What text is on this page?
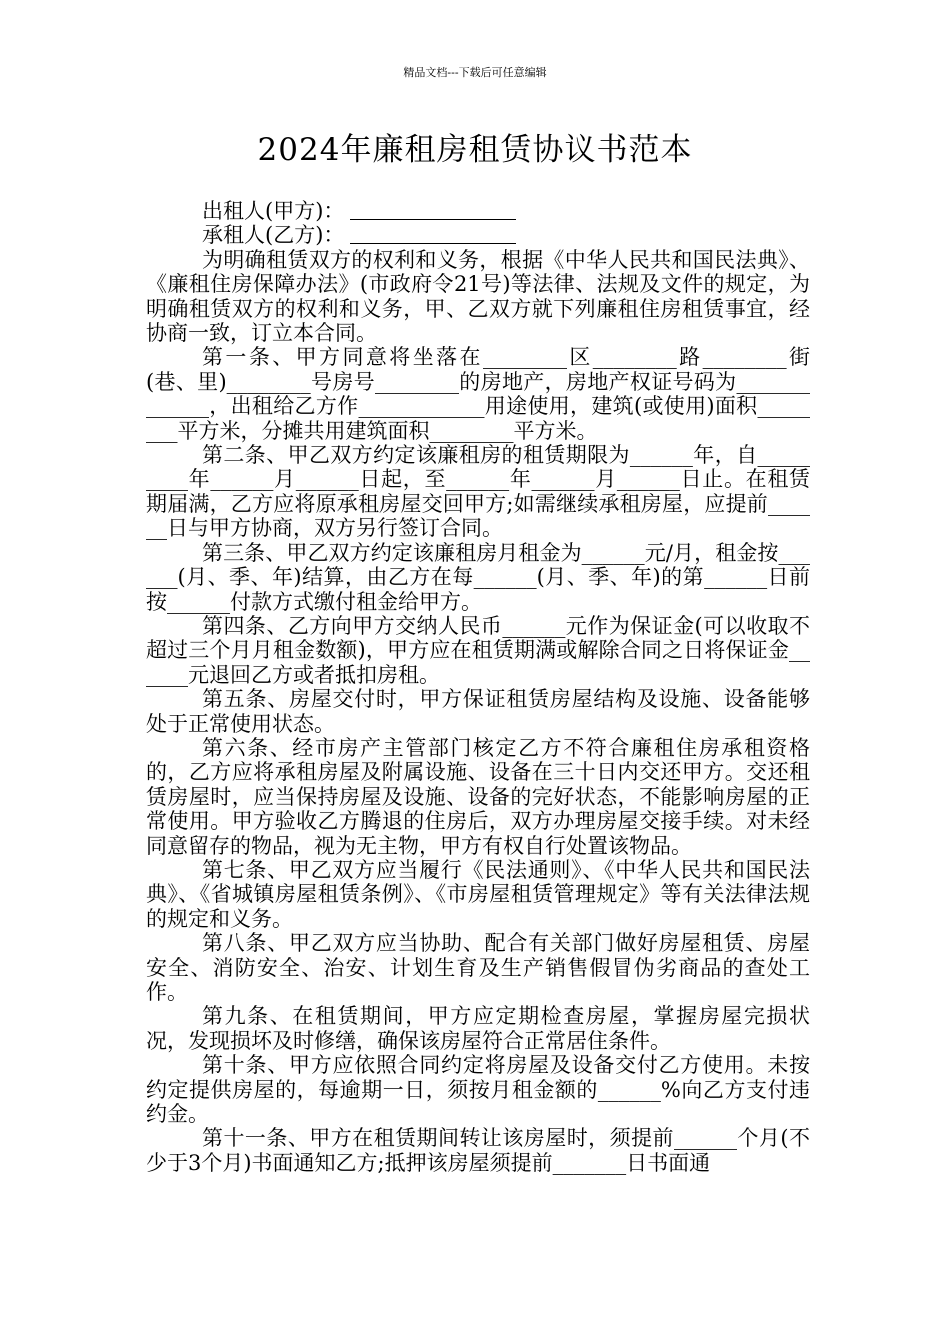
精品文档---下载后可任意编辑
2024年廉租房租赁协议书范本

出租人(甲方)：

承租人(乙方)：

为明确租赁双方的权利和义务，根据《中华人民共和国民法典》、《廉租住房保障办法》(市政府令21号)等法律、法规及文件的规定，为明确租赁双方的权利和义务，甲、乙双方就下列廉租住房租赁事宜，经协商一致，订立本合同。

第一条、甲方同意将坐落在________区________路________街(巷、里)________号房号________的房地产，房地产权证号码为_____________，出租给乙方作____________用途使用，建筑(或使用)面积________平方米，分摊共用建筑面积________平方米。

第二条、甲乙双方约定该廉租房的租赁期限为______年，自_________年______月______日起，至______年______月______日止。在租赁期届满，乙方应将原承租房屋交回甲方;如需继续承租房屋，应提前______日与甲方协商，双方另行签订合同。

第三条、甲乙双方约定该廉租房月租金为______元/月，租金按______(月、季、年)结算，由乙方在每______(月、季、年)的第______日前按______付款方式缴付租金给甲方。

第四条、乙方向甲方交纳人民币______元作为保证金(可以收取不超过三个月月租金数额)，甲方应在租赁期满或解除合同之日将保证金______元退回乙方或者抵扣房租。

第五条、房屋交付时，甲方保证租赁房屋结构及设施、设备能够处于正常使用状态。

第六条、经市房产主管部门核定乙方不符合廉租住房承租资格的，乙方应将承租房屋及附属设施、设备在三十日内交还甲方。交还租赁房屋时，应当保持房屋及设施、设备的完好状态，不能影响房屋的正常使用。甲方验收乙方腾退的住房后，双方办理房屋交接手续。对未经同意留存的物品，视为无主物，甲方有权自行处置该物品。

第七条、甲乙双方应当履行《民法通则》、《中华人民共和国民法典》、《省城镇房屋租赁条例》、《市房屋租赁管理规定》等有关法律法规的规定和义务。

第八条、甲乙双方应当协助、配合有关部门做好房屋租赁、房屋安全、消防安全、治安、计划生育及生产销售假冒伪劣商品的查处工作。

第九条、在租赁期间，甲方应定期检查房屋，掌握房屋完损状况，发现损坏及时修缮，确保该房屋符合正常居住条件。

第十条、甲方应依照合同约定将房屋及设备交付乙方使用。未按约定提供房屋的，每逾期一日，须按月租金额的______%向乙方支付违约金。

第十一条、甲方在租赁期间转让该房屋时，须提前______个月(不少于3个月)书面通知乙方;抵押该房屋须提前_______日书面通
